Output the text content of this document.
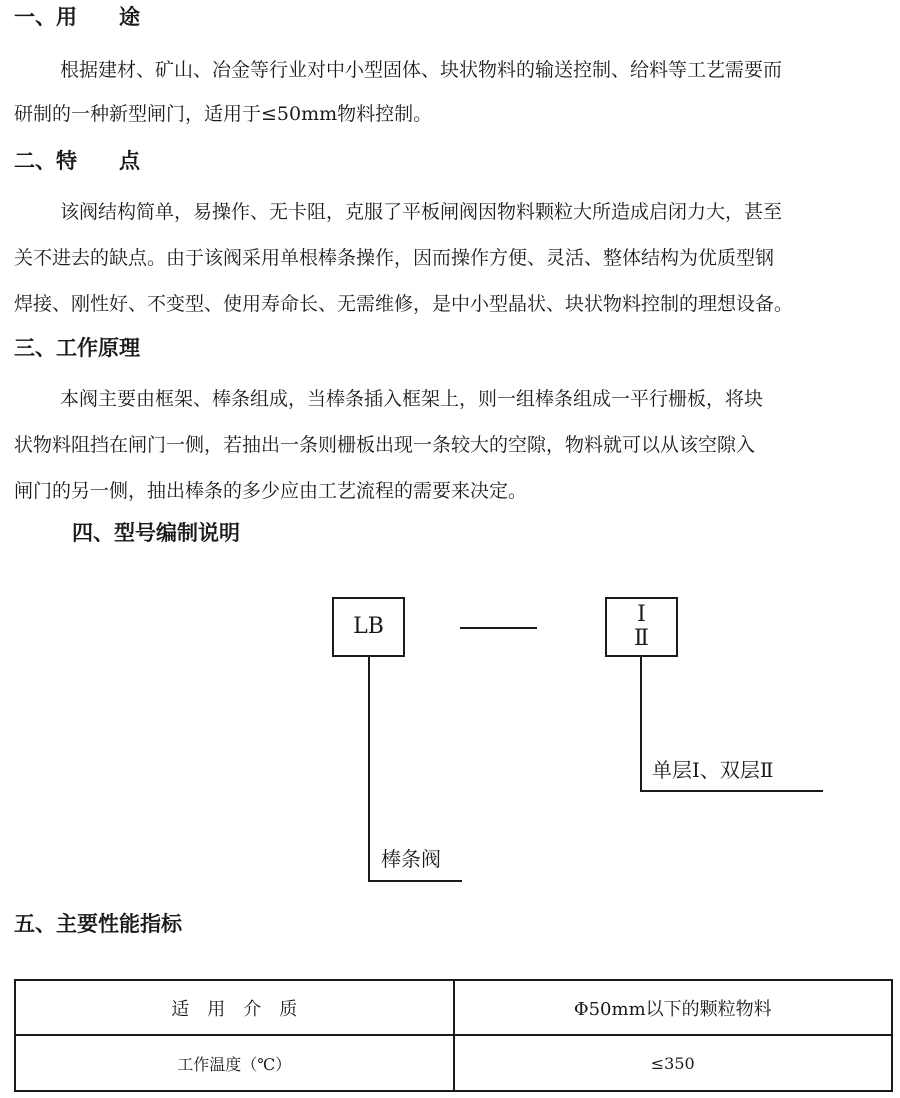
一、用　　途
根据建材、矿山、冶金等行业对中小型固体、块状物料的输送控制、给料等工艺需要而
研制的一种新型闸门，适用于≤50mm物料控制。
二、特　　点
该阀结构简单，易操作、无卡阻，克服了平板闸阀因物料颗粒大所造成启闭力大，甚至
关不进去的缺点。由于该阀采用单根棒条操作，因而操作方便、灵活、整体结构为优质型钢
焊接、刚性好、不变型、使用寿命长、无需维修，是中小型晶状、块状物料控制的理想设备。
三、工作原理
本阀主要由框架、棒条组成，当棒条插入框架上，则一组棒条组成一平行栅板，将块
状物料阻挡在闸门一侧，若抽出一条则栅板出现一条较大的空隙，物料就可以从该空隙入
闸门的另一侧，抽出棒条的多少应由工艺流程的需要来决定。
四、型号编制说明
LB	Ⅰ
Ⅱ
单层Ⅰ、双层Ⅱ
棒条阀
五、主要性能指标
适　用　介　质	Φ50mm以下的颗粒物料
工作温度（℃）	≤350
